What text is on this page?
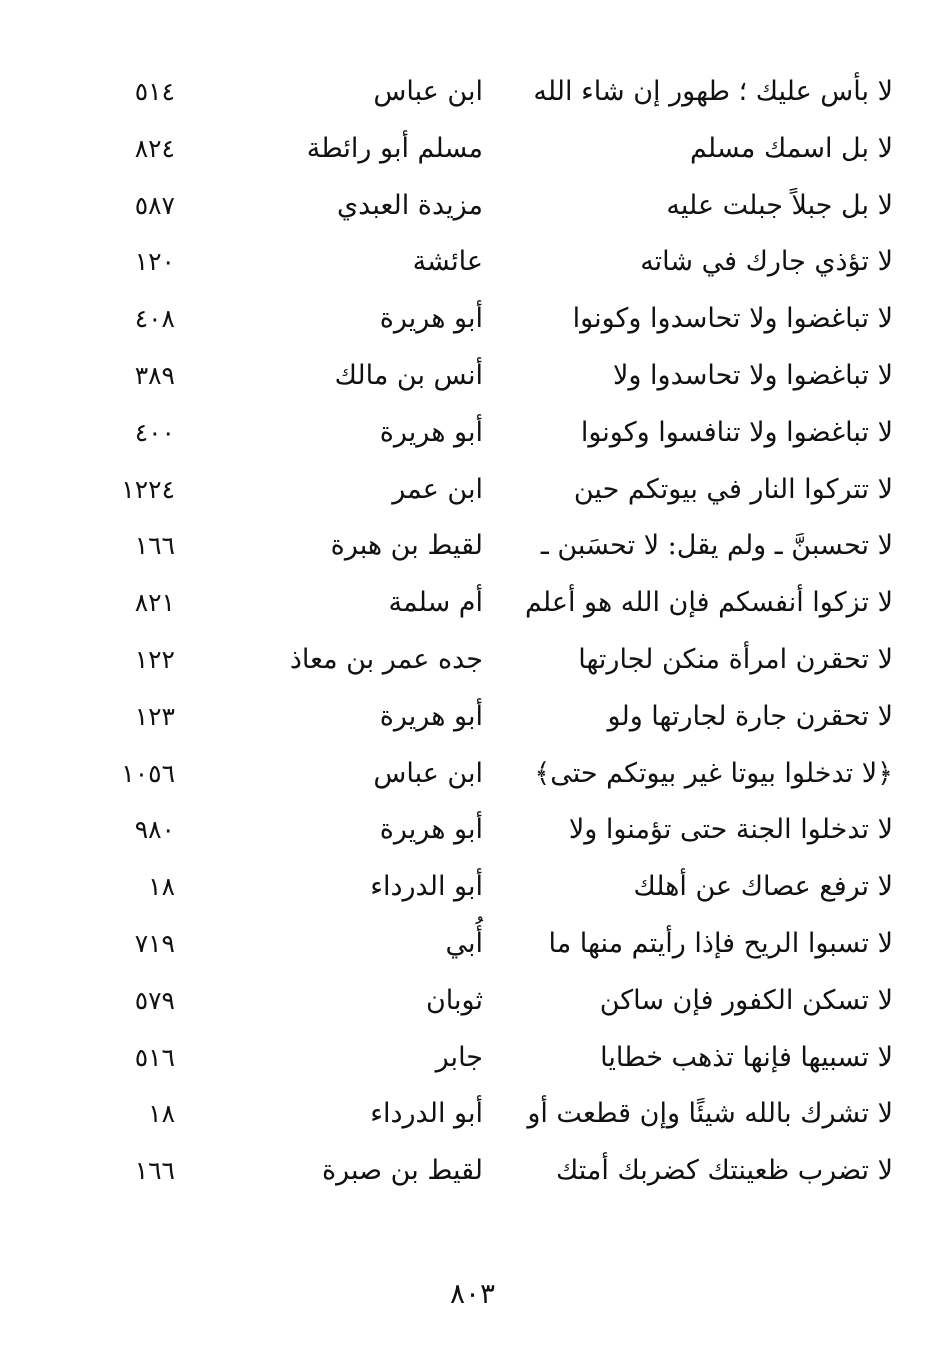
لا بأس عليك ؛ طهور إن شاء الله
ابن عباس
٥١٤
لا بل اسمك مسلم
مسلم أبو رائطة
٨٢٤
لا بل جبلاً جبلت عليه
مزيدة العبدي
٥٨٧
لا تؤذي جارك في شاته
عائشة
١٢٠
لا تباغضوا ولا تحاسدوا وكونوا
أبو هريرة
٤٠٨
لا تباغضوا ولا تحاسدوا ولا
أنس بن مالك
٣٨٩
لا تباغضوا ولا تنافسوا وكونوا
أبو هريرة
٤٠٠
لا تتركوا النار في بيوتكم حين
ابن عمر
١٢٢٤
لا تحسبنَّ ـ ولم يقل: لا تحسَبن ـ
لقيط بن هبرة
١٦٦
لا تزكوا أنفسكم فإن الله هو أعلم
أم سلمة
٨٢١
لا تحقرن امرأة منكن لجارتها
جده عمر بن معاذ
١٢٢
لا تحقرن جارة لجارتها ولو
أبو هريرة
١٢٣
﴿لا تدخلوا بيوتا غير بيوتكم حتى﴾
ابن عباس
١٠٥٦
لا تدخلوا الجنة حتى تؤمنوا ولا
أبو هريرة
٩٨٠
لا ترفع عصاك عن أهلك
أبو الدرداء
١٨
لا تسبوا الريح فإذا رأيتم منها ما
أُبي
٧١٩
لا تسكن الكفور فإن ساكن
ثوبان
٥٧٩
لا تسبيها فإنها تذهب خطايا
جابر
٥١٦
لا تشرك بالله شيئًا وإن قطعت أو
أبو الدرداء
١٨
لا تضرب ظعينتك كضربك أمتك
لقيط بن صبرة
١٦٦
٨٠٣
